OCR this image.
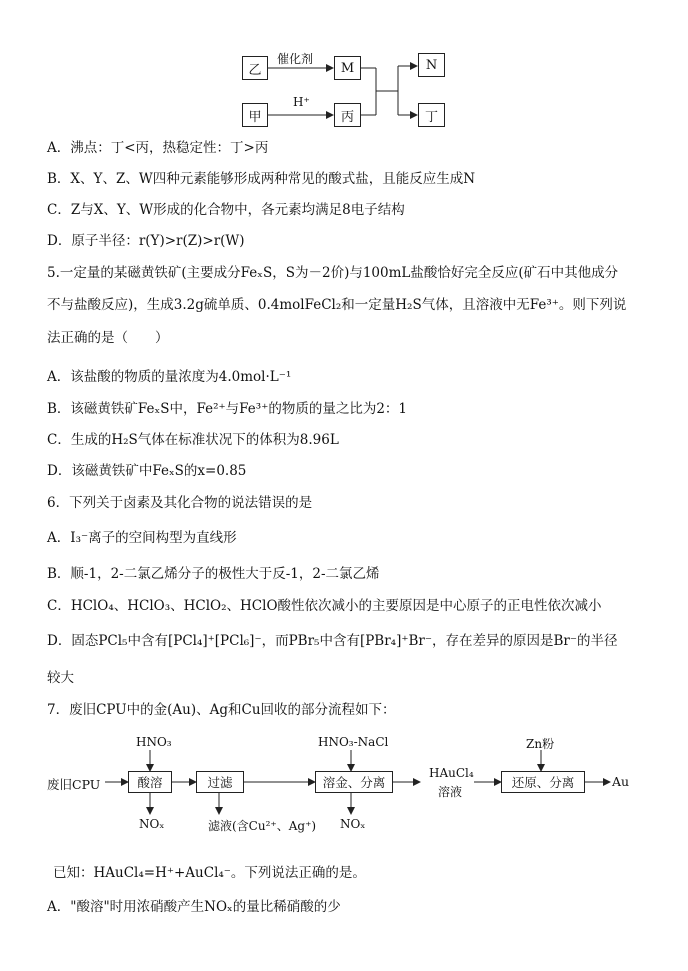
乙	M	N
甲	丙	丁
催化剂
H⁺
A．沸点：丁<丙，热稳定性：丁>丙
B．X、Y、Z、W四种元素能够形成两种常见的酸式盐，且能反应生成N
C．Z与X、Y、W形成的化合物中，各元素均满足8电子结构
D．原子半径：r(Y)>r(Z)>r(W)
5.一定量的某磁黄铁矿(主要成分FeₓS，S为－2价)与100mL盐酸恰好完全反应(矿石中其他成分
不与盐酸反应)，生成3.2g硫单质、0.4molFeCl₂和一定量H₂S气体，且溶液中无Fe³⁺。则下列说
法正确的是（　　）
A．该盐酸的物质的量浓度为4.0mol·L⁻¹
B．该磁黄铁矿FeₓS中，Fe²⁺与Fe³⁺的物质的量之比为2：1
C．生成的H₂S气体在标准状况下的体积为8.96L
D．该磁黄铁矿中FeₓS的x=0.85
6．下列关于卤素及其化合物的说法错误的是
A．I₃⁻离子的空间构型为直线形
B．顺-1，2-二氯乙烯分子的极性大于反-1，2-二氯乙烯
C．HClO₄、HClO₃、HClO₂、HClO酸性依次减小的主要原因是中心原子的正电性依次减小
D．固态PCl₅中含有[PCl₄]⁺[PCl₆]⁻，而PBr₅中含有[PBr₄]⁺Br⁻，存在差异的原因是Br⁻的半径
较大
7．废旧CPU中的金(Au)、Ag和Cu回收的部分流程如下：
废旧CPU	酸溶	过滤	溶金、分离
HAuCl₄
溶液
还原、分离	Au
HNO₃	HNO₃-NaCl	Zn粉
NOₓ	滤液(含Cu²⁺、Ag⁺) NOₓ
已知：HAuCl₄=H⁺+AuCl₄⁻。下列说法正确的是。
A．"酸溶"时用浓硝酸产生NOₓ的量比稀硝酸的少
